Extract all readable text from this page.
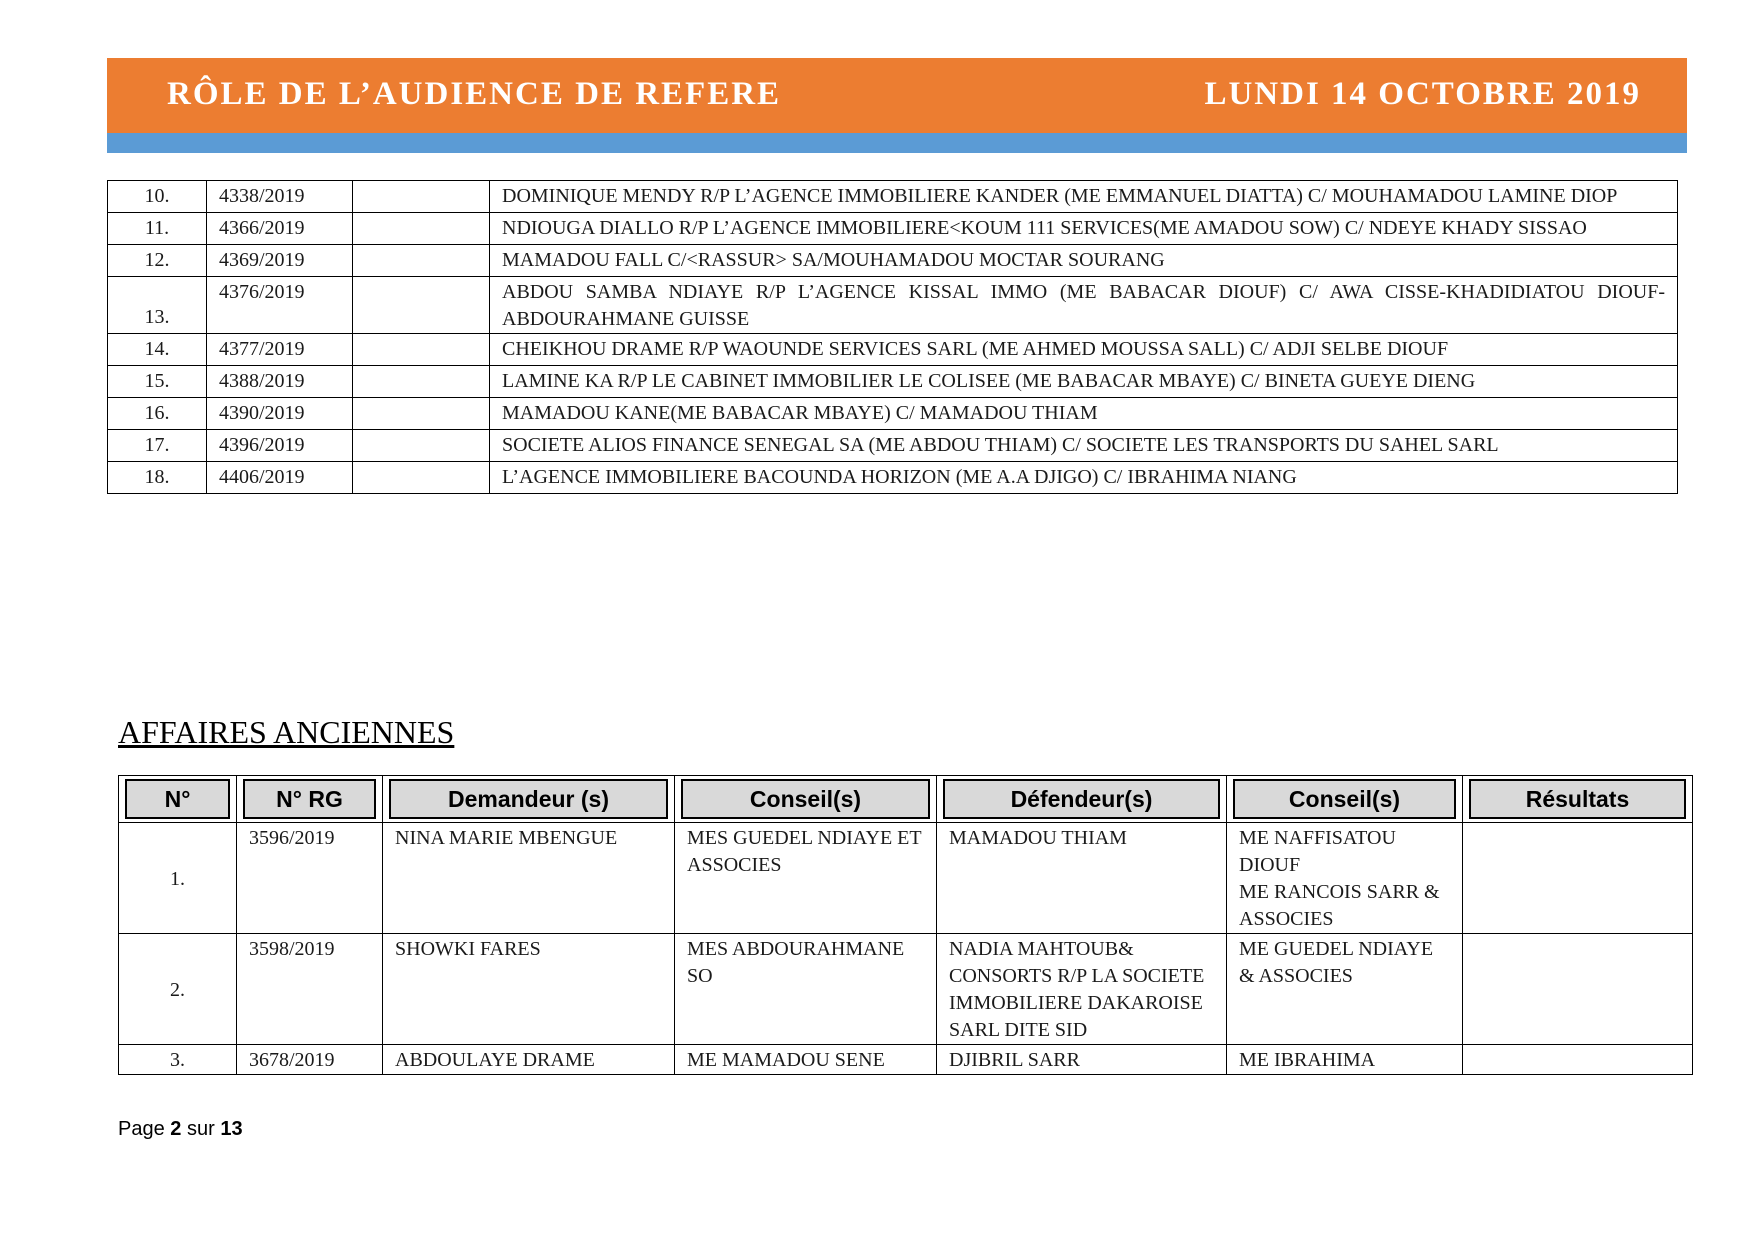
RÔLE DE L’AUDIENCE DE REFERE	LUNDI 14 OCTOBRE 2019
10.	4338/2019		DOMINIQUE MENDY R/P L’AGENCE IMMOBILIERE KANDER (ME EMMANUEL DIATTA) C/ MOUHAMADOU LAMINE DIOP
11.	4366/2019		NDIOUGA DIALLO R/P L’AGENCE IMMOBILIERE<KOUM 111 SERVICES(ME AMADOU SOW) C/ NDEYE KHADY SISSAO
12.	4369/2019		MAMADOU FALL C/<RASSUR> SA/MOUHAMADOU MOCTAR SOURANG
13.	4376/2019		ABDOU SAMBA NDIAYE R/P L’AGENCE KISSAL IMMO (ME BABACAR DIOUF) C/ AWA CISSE-KHADIDIATOU DIOUF-ABDOURAHMANE GUISSE
14.	4377/2019		CHEIKHOU DRAME R/P WAOUNDE SERVICES SARL (ME AHMED MOUSSA SALL) C/ ADJI SELBE DIOUF
15.	4388/2019		LAMINE KA R/P LE CABINET IMMOBILIER LE COLISEE (ME BABACAR MBAYE) C/ BINETA GUEYE DIENG
16.	4390/2019		MAMADOU KANE(ME BABACAR MBAYE) C/ MAMADOU THIAM
17.	4396/2019		SOCIETE ALIOS FINANCE SENEGAL SA (ME ABDOU THIAM) C/ SOCIETE LES TRANSPORTS DU SAHEL SARL
18.	4406/2019		L’AGENCE IMMOBILIERE BACOUNDA HORIZON (ME A.A DJIGO) C/ IBRAHIMA NIANG
AFFAIRES ANCIENNES
N°	N° RG	Demandeur (s)	Conseil(s)	Défendeur(s)	Conseil(s)	Résultats

1.	3596/2019	NINA MARIE MBENGUE	MES GUEDEL NDIAYE ET ASSOCIES	MAMADOU THIAM	ME NAFFISATOU DIOUF
ME RANCOIS SARR & ASSOCIES	

2.	3598/2019	SHOWKI FARES	MES ABDOURAHMANE SO	NADIA MAHTOUB& CONSORTS R/P LA SOCIETE IMMOBILIERE DAKAROISE SARL DITE SID	ME GUEDEL NDIAYE & ASSOCIES	

3.	3678/2019	ABDOULAYE DRAME	ME MAMADOU SENE	DJIBRIL SARR	ME IBRAHIMA	

Page 2 sur 13
